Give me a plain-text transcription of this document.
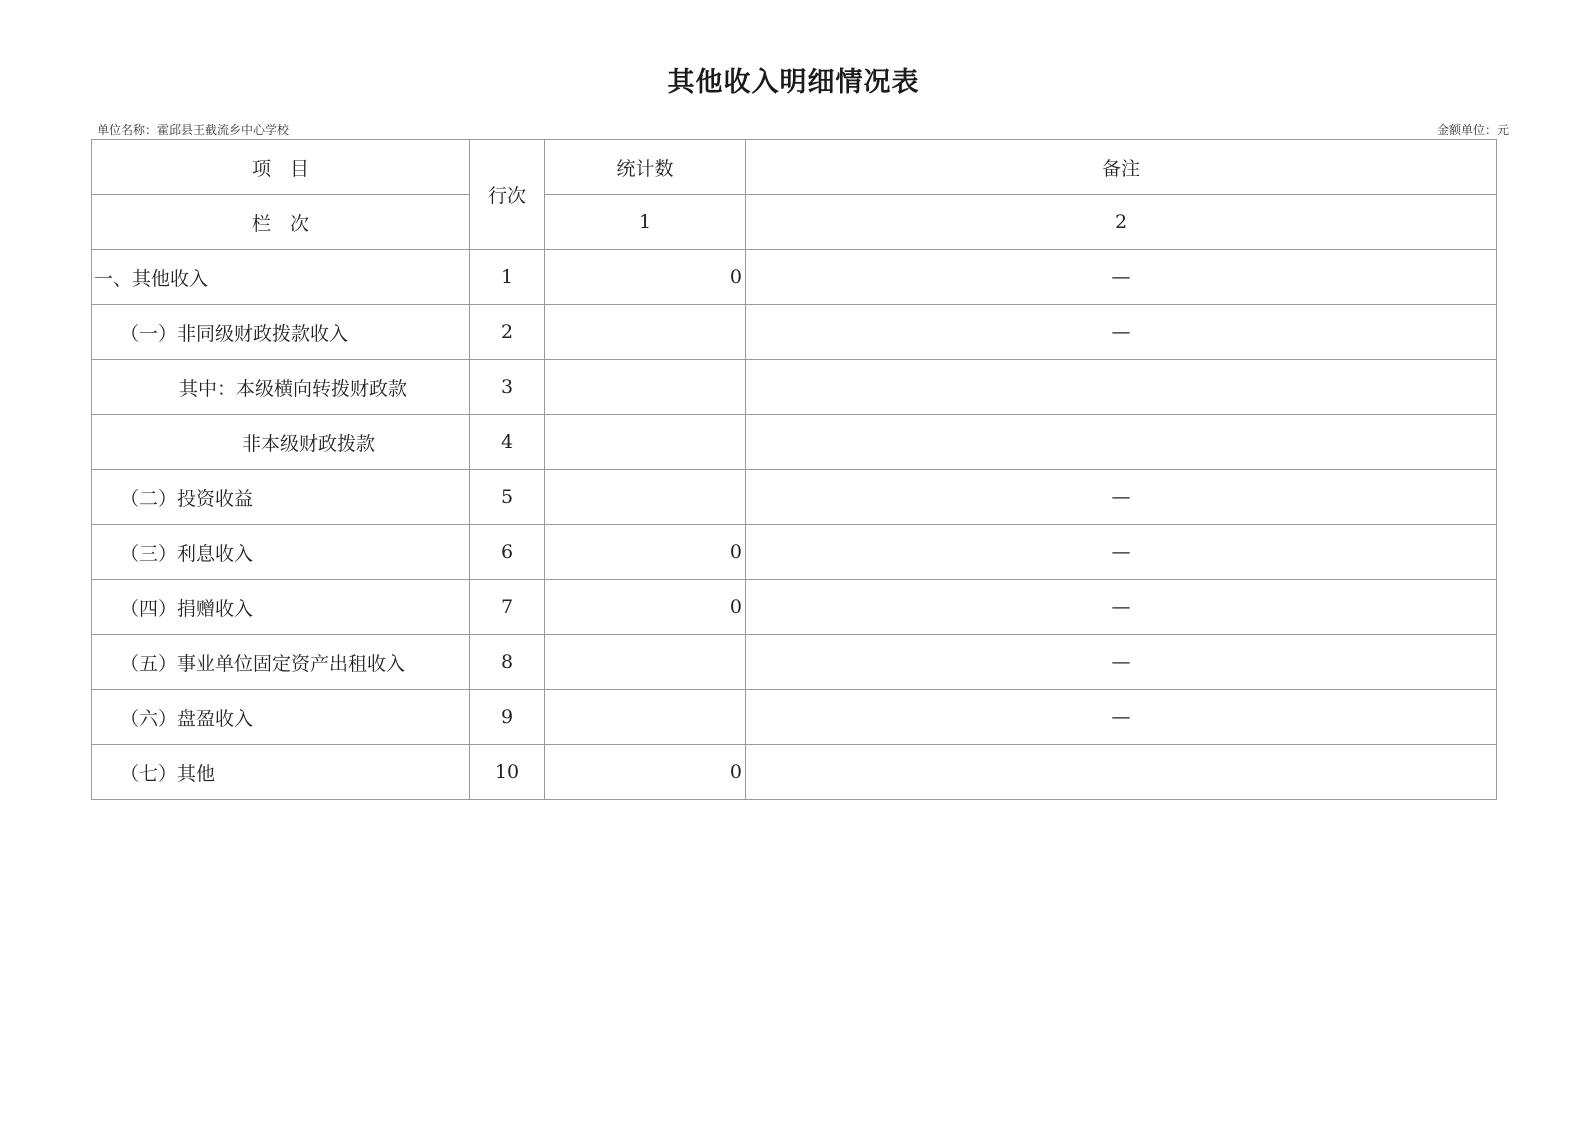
其他收入明细情况表
单位名称：霍邱县王截流乡中心学校	金额单位：元
项　目	行次	统计数	备注
栏　次		1	2
一、其他收入	1	0	—
（一）非同级财政拨款收入	2		—
其中：本级横向转拨财政款	3		
非本级财政拨款	4		
（二）投资收益	5		—
（三）利息收入	6	0	—
（四）捐赠收入	7	0	—
（五）事业单位固定资产出租收入	8		—
（六）盘盈收入	9		—
（七）其他	10	0	
